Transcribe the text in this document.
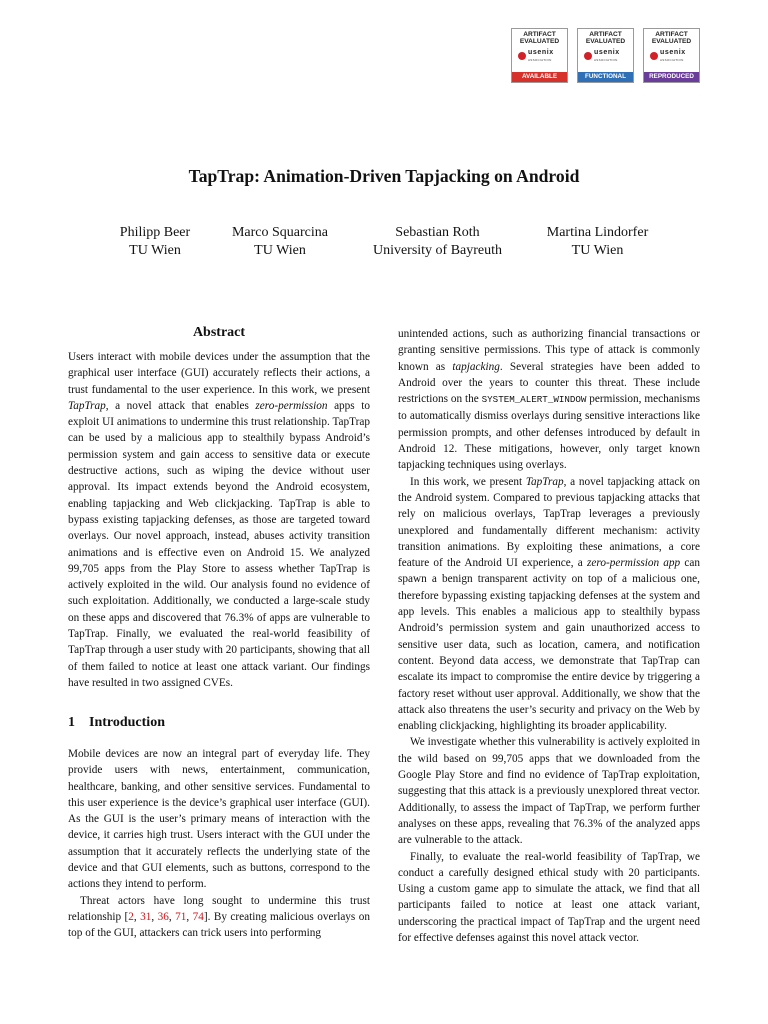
ARTIFACT
EVALUATED
usenix
ASSOCIATION
AVAILABLE
ARTIFACT
EVALUATED
usenix
ASSOCIATION
FUNCTIONAL
ARTIFACT
EVALUATED
usenix
ASSOCIATION
REPRODUCED
TapTrap: Animation-Driven Tapjacking on Android
Philipp Beer
TU Wien
Marco Squarcina
TU Wien
Sebastian Roth
University of Bayreuth
Martina Lindorfer
TU Wien
Abstract

Users interact with mobile devices under the assumption that the graphical user interface (GUI) accurately reflects their actions, a trust fundamental to the user experience. In this work, we present TapTrap, a novel attack that enables zero-permission apps to exploit UI animations to undermine this trust relationship. TapTrap can be used by a malicious app to stealthily bypass Android’s permission system and gain access to sensitive data or execute destructive actions, such as wiping the device without user approval. Its impact extends beyond the Android ecosystem, enabling tapjacking and Web clickjacking. TapTrap is able to bypass existing tapjacking defenses, as those are targeted toward overlays. Our novel approach, instead, abuses activity transition animations and is effective even on Android 15. We analyzed 99,705 apps from the Play Store to assess whether TapTrap is actively exploited in the wild. Our analysis found no evidence of such exploitation. Additionally, we conducted a large-scale study on these apps and discovered that 76.3% of apps are vulnerable to TapTrap. Finally, we evaluated the real-world feasibility of TapTrap through a user study with 20 participants, showing that all of them failed to notice at least one attack variant. Our findings have resulted in two assigned CVEs.

1 Introduction

Mobile devices are now an integral part of everyday life. They provide users with news, entertainment, communication, healthcare, banking, and other sensitive services. Fundamental to this user experience is the device’s graphical user interface (GUI). As the GUI is the user’s primary means of interaction with the device, it carries high trust. Users interact with the GUI under the assumption that it accurately reflects the underlying state of the device and that GUI elements, such as buttons, correspond to the actions they intend to perform.

Threat actors have long sought to undermine this trust relationship [2, 31, 36, 71, 74]. By creating malicious overlays on top of the GUI, attackers can trick users into performing

unintended actions, such as authorizing financial transactions or granting sensitive permissions. This type of attack is commonly known as tapjacking. Several strategies have been added to Android over the years to counter this threat. These include restrictions on the SYSTEM_ALERT_WINDOW permission, mechanisms to automatically dismiss overlays during sensitive interactions like permission prompts, and other defenses introduced by default in Android 12. These mitigations, however, only target known tapjacking techniques using overlays.

In this work, we present TapTrap, a novel tapjacking attack on the Android system. Compared to previous tapjacking attacks that rely on malicious overlays, TapTrap leverages a previously unexplored and fundamentally different mechanism: activity transition animations. By exploiting these animations, a core feature of the Android UI experience, a zero-permission app can spawn a benign transparent activity on top of a malicious one, therefore bypassing existing tapjacking defenses at the system and app levels. This enables a malicious app to stealthily bypass Android’s permission system and gain unauthorized access to sensitive user data, such as location, camera, and notification content. Beyond data access, we demonstrate that TapTrap can escalate its impact to compromise the entire device by triggering a factory reset without user approval. Additionally, we show that the attack also threatens the user’s security and privacy on the Web by enabling clickjacking, highlighting its broader applicability.

We investigate whether this vulnerability is actively exploited in the wild based on 99,705 apps that we downloaded from the Google Play Store and find no evidence of TapTrap exploitation, suggesting that this attack is a previously unexplored threat vector. Additionally, to assess the impact of TapTrap, we perform further analyses on these apps, revealing that 76.3% of the analyzed apps are vulnerable to the attack.

Finally, to evaluate the real-world feasibility of TapTrap, we conduct a carefully designed ethical study with 20 participants. Using a custom game app to simulate the attack, we find that all participants failed to notice at least one attack variant, underscoring the practical impact of TapTrap and the urgent need for effective defenses against this novel attack vector.
